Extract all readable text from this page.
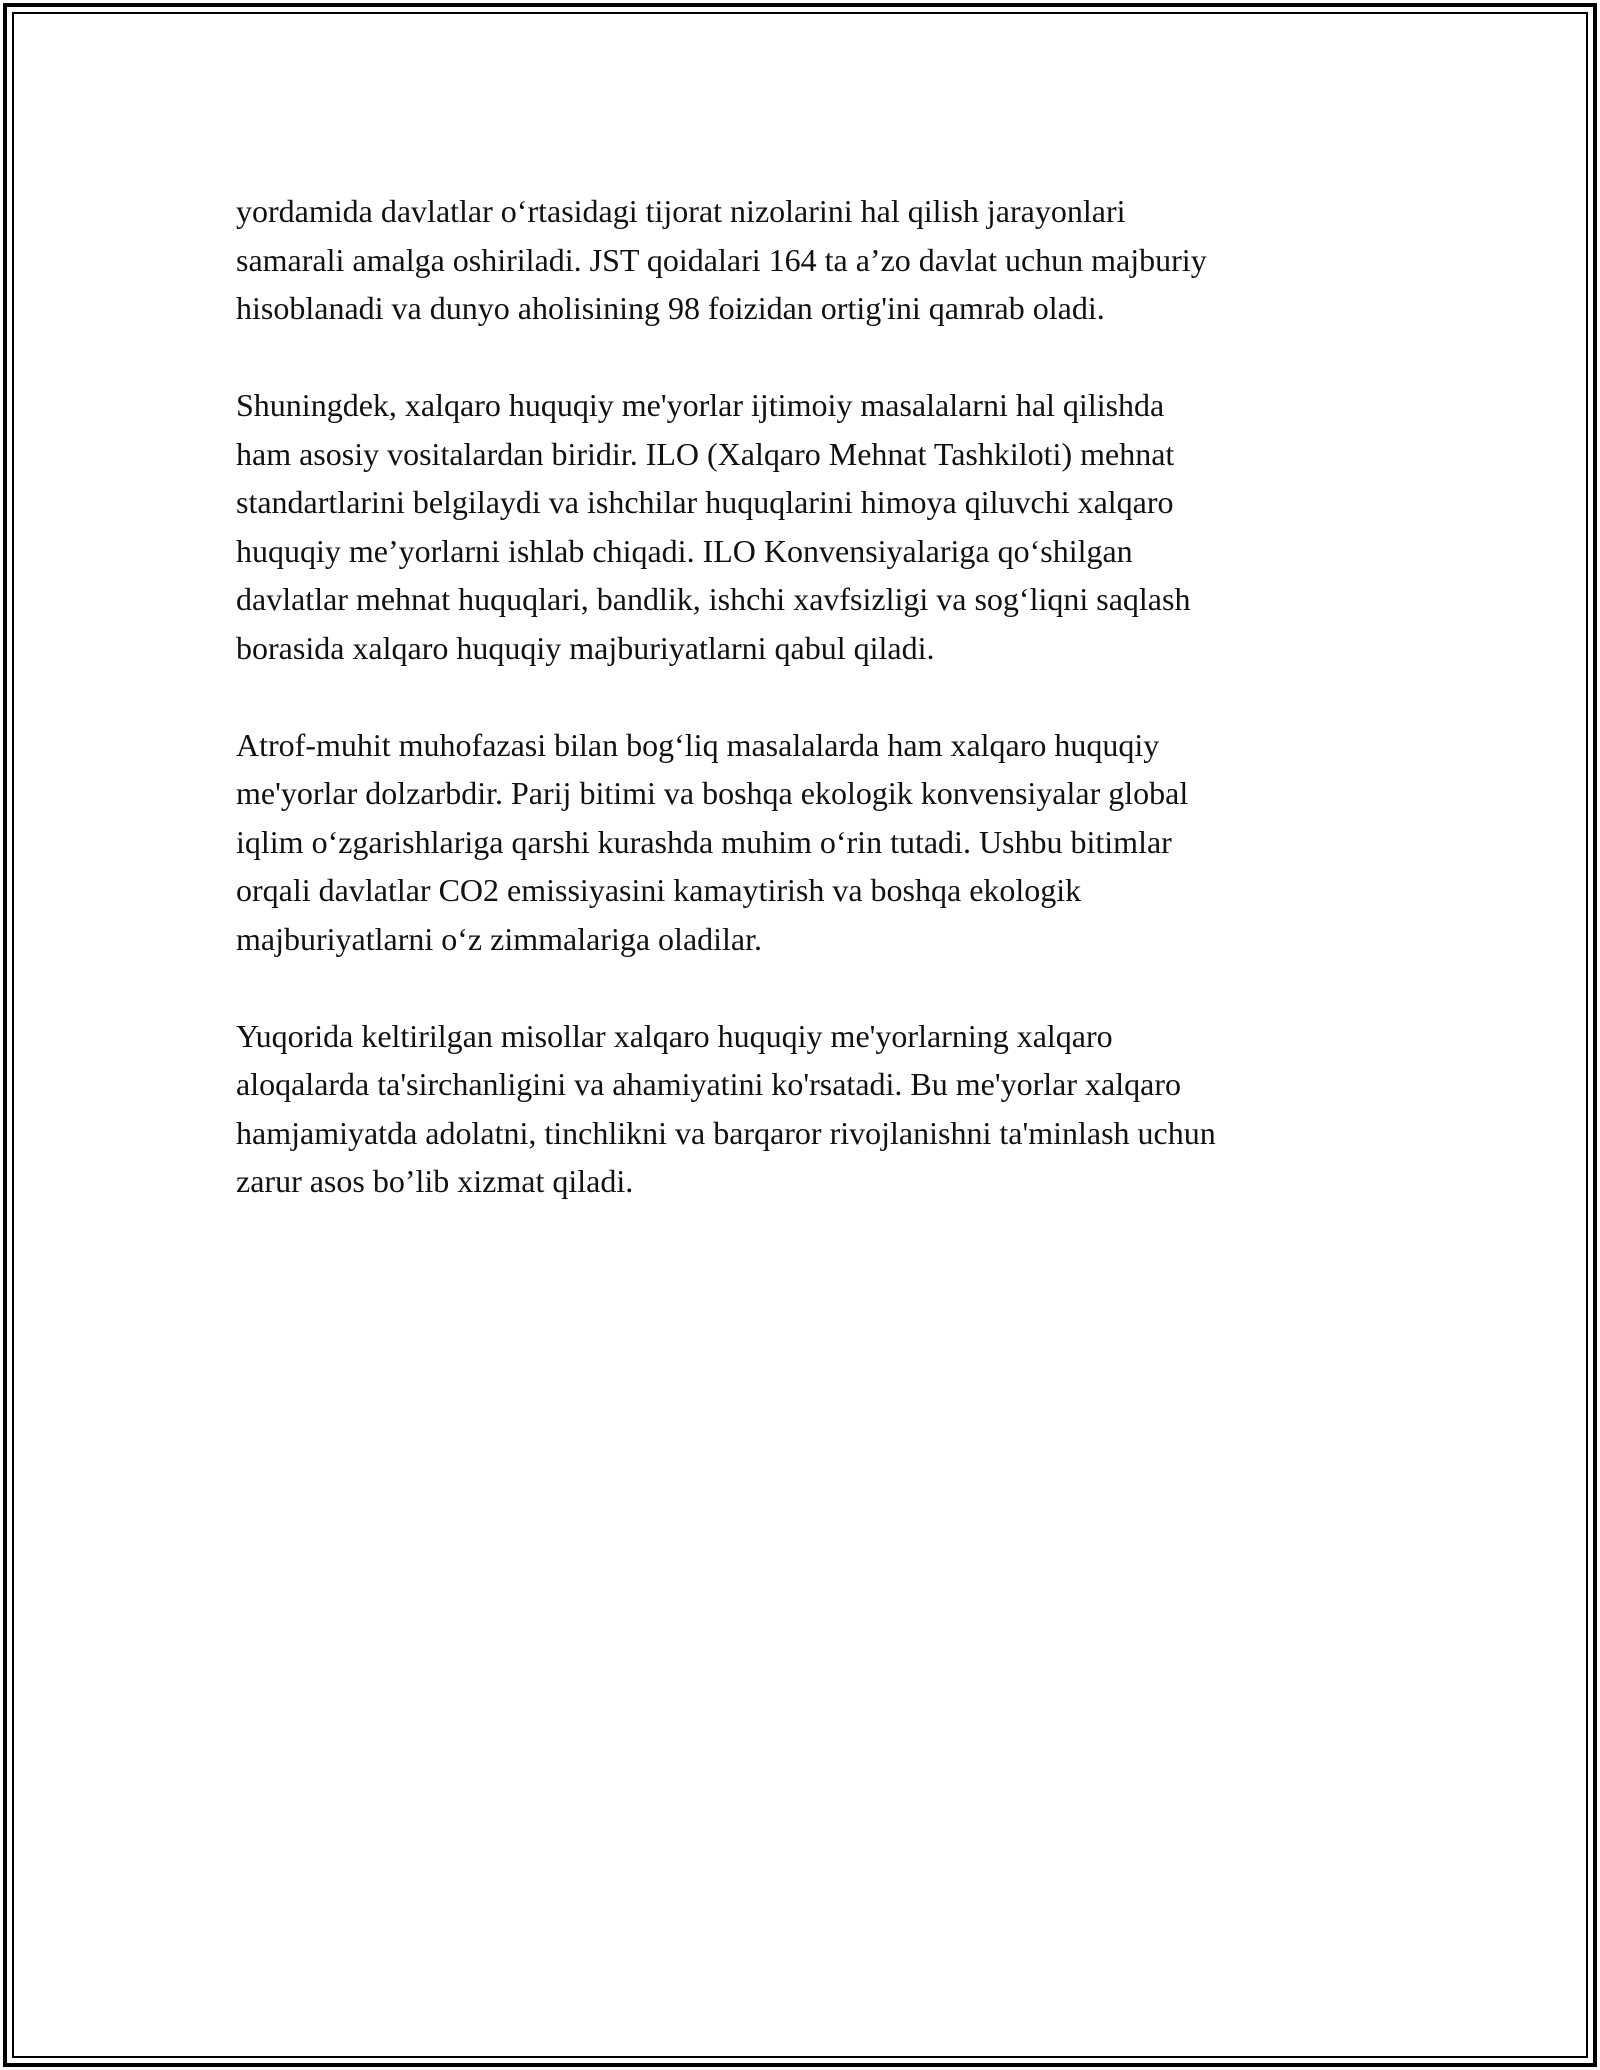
yordamida davlatlar o‘rtasidagi tijorat nizolarini hal qilish jarayonlari
samarali amalga oshiriladi. JST qoidalari 164 ta a’zo davlat uchun majburiy
hisoblanadi va dunyo aholisining 98 foizidan ortig'ini qamrab oladi.

Shuningdek, xalqaro huquqiy me'yorlar ijtimoiy masalalarni hal qilishda
ham asosiy vositalardan biridir. ILO (Xalqaro Mehnat Tashkiloti) mehnat
standartlarini belgilaydi va ishchilar huquqlarini himoya qiluvchi xalqaro
huquqiy me’yorlarni ishlab chiqadi. ILO Konvensiyalariga qo‘shilgan
davlatlar mehnat huquqlari, bandlik, ishchi xavfsizligi va sog‘liqni saqlash
borasida xalqaro huquqiy majburiyatlarni qabul qiladi.

Atrof-muhit muhofazasi bilan bog‘liq masalalarda ham xalqaro huquqiy
me'yorlar dolzarbdir. Parij bitimi va boshqa ekologik konvensiyalar global
iqlim o‘zgarishlariga qarshi kurashda muhim o‘rin tutadi. Ushbu bitimlar
orqali davlatlar CO2 emissiyasini kamaytirish va boshqa ekologik
majburiyatlarni o‘z zimmalariga oladilar.

Yuqorida keltirilgan misollar xalqaro huquqiy me'yorlarning xalqaro
aloqalarda ta'sirchanligini va ahamiyatini ko'rsatadi. Bu me'yorlar xalqaro
hamjamiyatda adolatni, tinchlikni va barqaror rivojlanishni ta'minlash uchun
zarur asos bo’lib xizmat qiladi.
